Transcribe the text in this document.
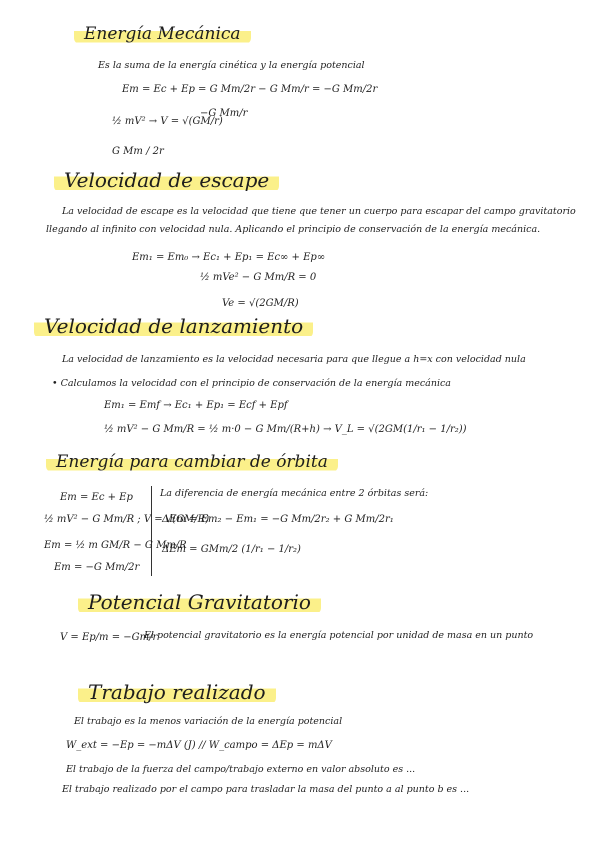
Energía Mecánica
Es la suma de la energía cinética y la energía potencial
Em = Ec + Ep = G Mm/2r − G Mm/r = −G Mm/2r
½ mV² → V = √(GM/r)
−G Mm/r
G Mm / 2r
Velocidad de escape
La velocidad de escape es la velocidad que tiene que tener un cuerpo para escapar del campo gravitatorio
llegando al infinito con velocidad nula. Aplicando el principio de conservación de la energía mecánica.
Em₁ = Em₀ → Ec₁ + Ep₁ = Ec∞ + Ep∞
½ mVe² − G Mm/R = 0
Ve = √(2GM/R)
Velocidad de lanzamiento
La velocidad de lanzamiento es la velocidad necesaria para que llegue a h=x con velocidad nula
• Calculamos la velocidad con el principio de conservación de la energía mecánica
Em₁ = Emf → Ec₁ + Ep₁ = Ecf + Epf
½ mV² − G Mm/R = ½ m·0 − G Mm/(R+h) → V_L = √(2GM(1/r₁ − 1/r₂))
Energía para cambiar de órbita
Em = Ec + Ep
½ mV² − G Mm/R ; V = √(GM/R)
Em = ½ m GM/R − G Mm/R
Em = −G Mm/2r
La diferencia de energía mecánica entre 2 órbitas será:
ΔEm = Em₂ − Em₁ = −G Mm/2r₂ + G Mm/2r₁
ΔEm = GMm/2 (1/r₁ − 1/r₂)
Potencial Gravitatorio
V = Ep/m = −Gm/r
El potencial gravitatorio es la energía potencial por unidad de masa en un punto
Trabajo realizado
El trabajo es la menos variación de la energía potencial
W_ext = −Ep = −mΔV (J) // W_campo = ΔEp = mΔV
El trabajo de la fuerza del campo/trabajo externo en valor absoluto es ...
El trabajo realizado por el campo para trasladar la masa del punto a al punto b es ...
